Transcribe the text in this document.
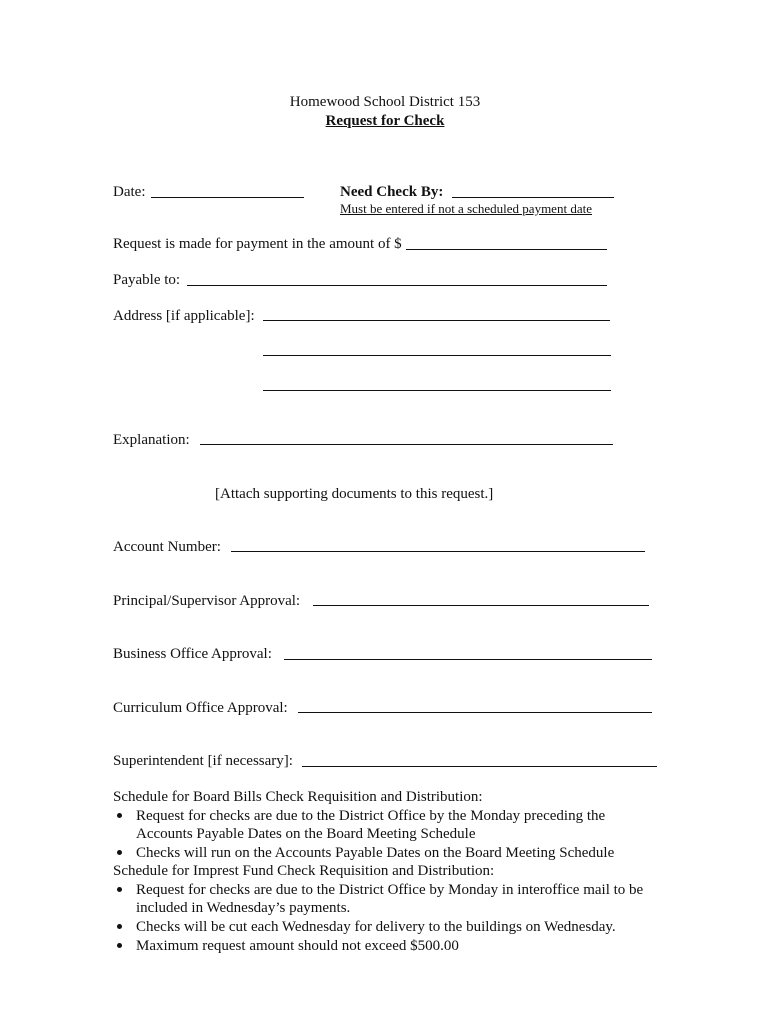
Homewood School District 153
Request for Check
Date:	Need Check By:
Must be entered if not a scheduled payment date
Request is made for payment in the amount of $
Payable to:
Address [if applicable]:
Explanation:
[Attach supporting documents to this request.]
Account Number:
Principal/Supervisor Approval:
Business Office Approval:
Curriculum Office Approval:
Superintendent [if necessary]:
Schedule for Board Bills Check Requisition and Distribution:
Request for checks are due to the District Office by the Monday preceding the
Accounts Payable Dates on the Board Meeting Schedule
Checks will run on the Accounts Payable Dates on the Board Meeting Schedule
Schedule for Imprest Fund Check Requisition and Distribution:
Request for checks are due to the District Office by Monday in interoffice mail to be
included in Wednesday’s payments.
Checks will be cut each Wednesday for delivery to the buildings on Wednesday.
Maximum request amount should not exceed $500.00
